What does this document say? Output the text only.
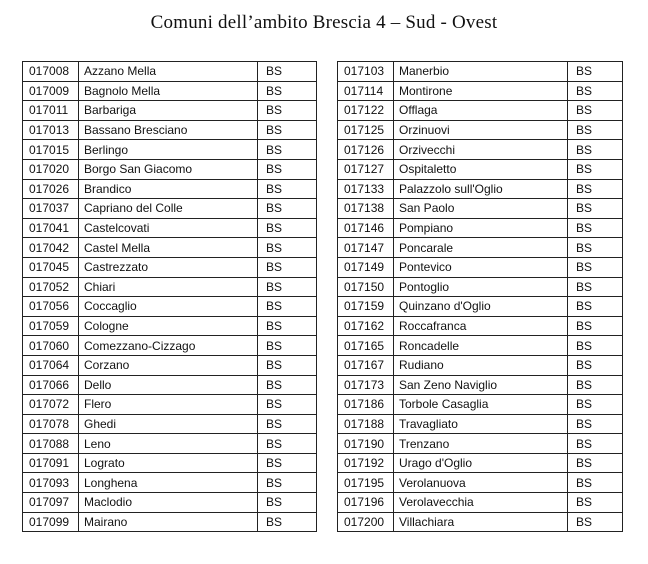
Comuni dell’ambito Brescia 4 – Sud - Ovest
017008	Azzano Mella	BS
017009	Bagnolo Mella	BS
017011	Barbariga	BS
017013	Bassano Bresciano	BS
017015	Berlingo	BS
017020	Borgo San Giacomo	BS
017026	Brandico	BS
017037	Capriano del Colle	BS
017041	Castelcovati	BS
017042	Castel Mella	BS
017045	Castrezzato	BS
017052	Chiari	BS
017056	Coccaglio	BS
017059	Cologne	BS
017060	Comezzano-Cizzago	BS
017064	Corzano	BS
017066	Dello	BS
017072	Flero	BS
017078	Ghedi	BS
017088	Leno	BS
017091	Lograto	BS
017093	Longhena	BS
017097	Maclodio	BS
017099	Mairano	BS
017103	Manerbio	BS
017114	Montirone	BS
017122	Offlaga	BS
017125	Orzinuovi	BS
017126	Orzivecchi	BS
017127	Ospitaletto	BS
017133	Palazzolo sull'Oglio	BS
017138	San Paolo	BS
017146	Pompiano	BS
017147	Poncarale	BS
017149	Pontevico	BS
017150	Pontoglio	BS
017159	Quinzano d'Oglio	BS
017162	Roccafranca	BS
017165	Roncadelle	BS
017167	Rudiano	BS
017173	San Zeno Naviglio	BS
017186	Torbole Casaglia	BS
017188	Travagliato	BS
017190	Trenzano	BS
017192	Urago d'Oglio	BS
017195	Verolanuova	BS
017196	Verolavecchia	BS
017200	Villachiara	BS
